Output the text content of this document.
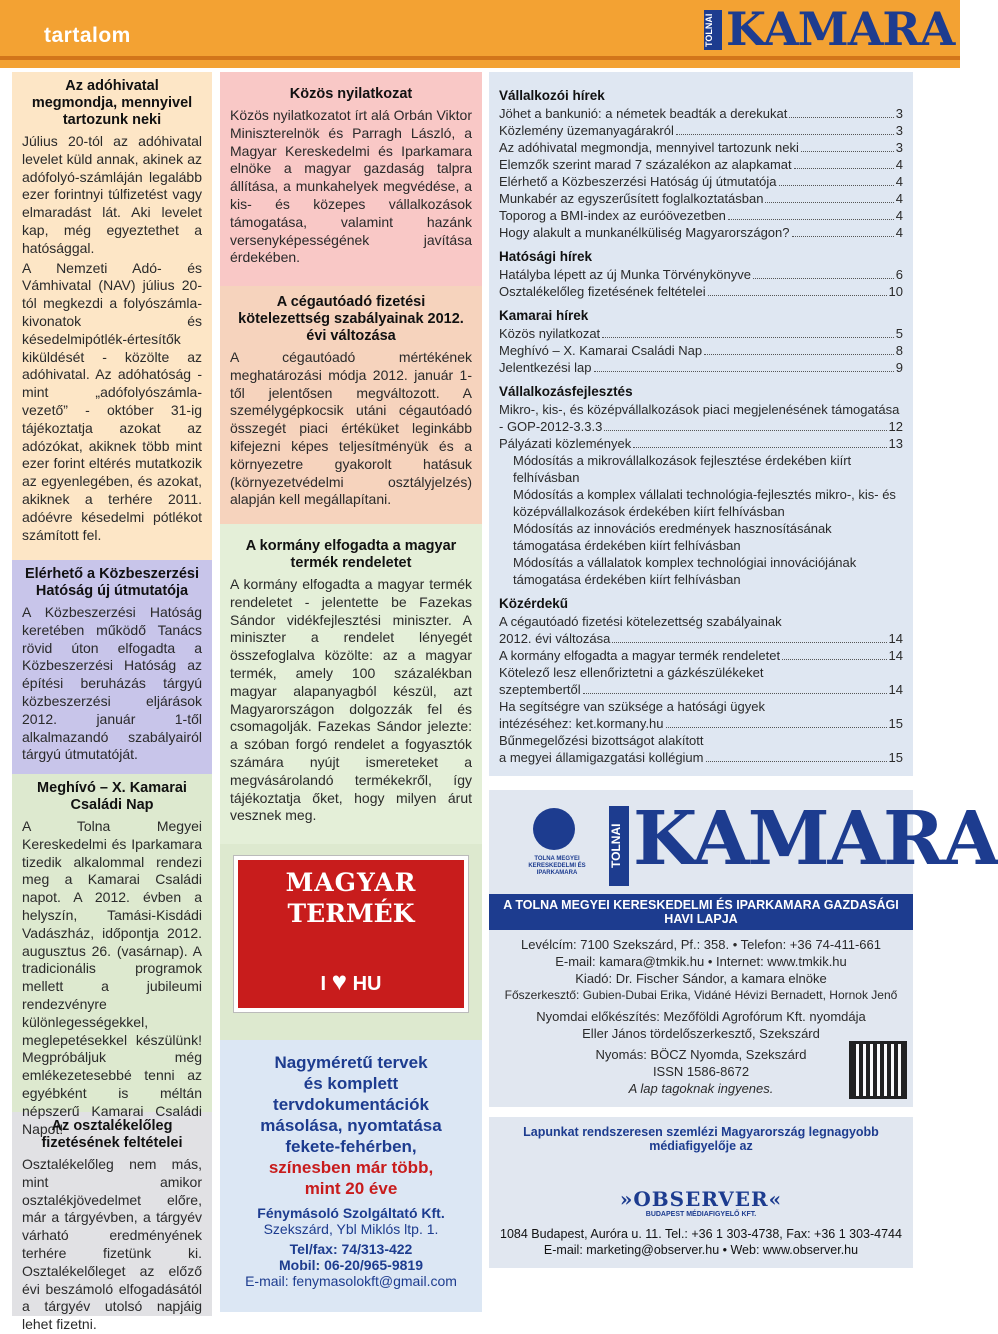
tartalom	TOLNAI KAMARA
Az adóhivatal megmondja, mennyivel tartozunk neki

Július 20-tól az adóhivatal levelet küld annak, akinek az adófolyó-számláján legalább ezer forintnyi túlfizetést vagy elmaradást lát. Aki levelet kap, még egyeztethet a hatósággal.

A Nemzeti Adó- és Vámhivatal (NAV) július 20-tól megkezdi a folyószámla-kivonatok és késedelmipótlék-értesítők kiküldését - közölte az adóhivatal. Az adóhatóság - mint „adófolyószámla-vezető” - október 31-ig tájékoztatja azokat az adózókat, akiknek több mint ezer forint eltérés mutatkozik az egyenlegében, és azokat, akiknek a terhére 2011. adóévre késedelmi pótlékot számított fel.

Elérhető a Közbeszerzési Hatóság új útmutatója

A Közbeszerzési Hatóság keretében működő Tanács rövid úton elfogadta a Közbeszerzési Hatóság az építési beruházás tárgyú közbeszerzési eljárások 2012. január 1-től alkalmazandó szabályairól tárgyú útmutatóját.

Meghívó – X. Kamarai Családi Nap

A Tolna Megyei Kereskedelmi és Iparkamara tizedik alkalommal rendezi meg a Kamarai Családi napot. A 2012. évben a helyszín, Tamási-Kisdádi Vadászház, időpontja 2012. augusztus 26. (vasárnap). A tradicionális programok mellett a jubileumi rendezvényre különlegességekkel, meglepetésekkel készülünk! Megpróbáljuk még emlékezetesebbé tenni az egyébként is méltán népszerű Kamarai Családi Napot!

Az osztalékelőleg fizetésének feltételei

Osztalékelőleg nem más, mint amikor osztalékjövedelmet előre, már a tárgyévben, a tárgyév várható eredményének terhére fizetünk ki. Osztalékelőleget az előző évi beszámoló elfogadásától a tárgyév utolsó napjáig lehet fizetni.

Közös nyilatkozat

Közös nyilatkozatot írt alá Orbán Viktor Miniszterelnök és Parragh László, a Magyar Kereskedelmi és Iparkamara elnöke a magyar gazdaság talpra állítása, a munkahelyek megvédése, a kis- és közepes vállalkozások támogatása, valamint hazánk versenyképességének javítása érdekében.

A cégautóadó fizetési kötelezettség szabályainak 2012. évi változása

A cégautóadó mértékének meghatározási módja 2012. január 1-től jelentősen megváltozott. A személygépkocsik utáni cégautóadó összegét piaci értéküket leginkább kifejezni képes teljesítményük és a környezetre gyakorolt hatásuk (környezetvédelmi osztályjelzés) alapján kell megállapítani.

A kormány elfogadta a magyar termék rendeletet

A kormány elfogadta a magyar termék rendeletet - jelentette be Fazekas Sándor vidékfejlesztési miniszter. A miniszter a rendelet lényegét összefoglalva közölte: az a magyar termék, amely 100 százalékban magyar alapanyagból készül, azt Magyarországon dolgozzák fel és csomagolják. Fazekas Sándor jelezte: a szóban forgó rendelet a fogyasztók számára nyújt ismereteket a megvásárolandó termékekről, így tájékoztatja őket, hogy milyen árut vesznek meg.

MAGYAR
TERMÉK
I ♥ HU
Nagyméretű tervek
és komplett tervdokumentációk
másolása, nyomtatása
fekete-fehérben,
színesben már több,
mint 20 éve
Fénymásoló Szolgáltató Kft.
Szekszárd, Ybl Miklós ltp. 1.
Tel/fax: 74/313-422
Mobil: 06-20/965-9819
E-mail: fenymasolokft@gmail.com
Vállalkozói hírek
Jöhet a bankunió: a németek beadták a derekukat	3
Közlemény üzemanyagárakról	3
Az adóhivatal megmondja, mennyivel tartozunk neki	3
Elemzők szerint marad 7 százalékon az alapkamat	4
Elérhető a Közbeszerzési Hatóság új útmutatója	4
Munkabér az egyszerűsített foglalkoztatásban	4
Toporog a BMI-index az euróövezetben	4
Hogy alakult a munkanélküliség Magyarországon?	4
Hatósági hírek
Hatályba lépett az új Munka Törvénykönyve	6
Osztalékelőleg fizetésének feltételei	10
Kamarai hírek
Közös nyilatkozat	5
Meghívó – X. Kamarai Családi Nap	8
Jelentkezési lap	9
Vállalkozásfejlesztés
Mikro-, kis-, és középvállalkozások piaci megjelenésének támogatása
- GOP-2012-3.3.3	12
Pályázati közlemények	13
Módosítás a mikrovállalkozások fejlesztése érdekében kiírt felhívásban
Módosítás a komplex vállalati technológia-fejlesztés mikro-, kis- és középvállalkozások érdekében kiírt felhívásban
Módosítás az innovációs eredmények hasznosításának támogatása érdekében kiírt felhívásban
Módosítás a vállalatok komplex technológiai innovációjának támogatása érdekében kiírt felhívásban
Közérdekű
A cégautóadó fizetési kötelezettség szabályainak
2012. évi változása	14
A kormány elfogadta a magyar termék rendeletet	14
Kötelező lesz ellenőriztetni a gázkészülékeket
szeptembertől	14
Ha segítségre van szüksége a hatósági ügyek
intézéséhez: ket.kormany.hu	15
Bűnmegelőzési bizottságot alakított
a megyei államigazgatási kollégium	15
TOLNA MEGYEI KERESKEDELMI ÉS IPARKAMARA
TOLNAI KAMARA
A TOLNA MEGYEI KERESKEDELMI ÉS IPARKAMARA GAZDASÁGI HAVI LAPJA
Levélcím: 7100 Szekszárd, Pf.: 358. • Telefon: +36 74-411-661
E-mail: kamara@tmkik.hu • Internet: www.tmkik.hu
Kiadó: Dr. Fischer Sándor, a kamara elnöke
Főszerkesztő: Gubien-Dubai Erika, Vidáné Hévizi Bernadett, Hornok Jenő
Nyomdai előkészítés: Mezőföldi Agrofórum Kft. nyomdája
Eller János tördelőszerkesztő, Szekszárd
Nyomás: BÖCZ Nyomda, Szekszárd
ISSN 1586-8672
A lap tagoknak ingyenes.
Lapunkat rendszeresen szemlézi Magyarország legnagyobb médiafigyelője az
»OBSERVER«
BUDAPEST MÉDIAFIGYELŐ KFT.
1084 Budapest, Auróra u. 11. Tel.: +36 1 303-4738, Fax: +36 1 303-4744
E-mail: marketing@observer.hu • Web: www.observer.hu
